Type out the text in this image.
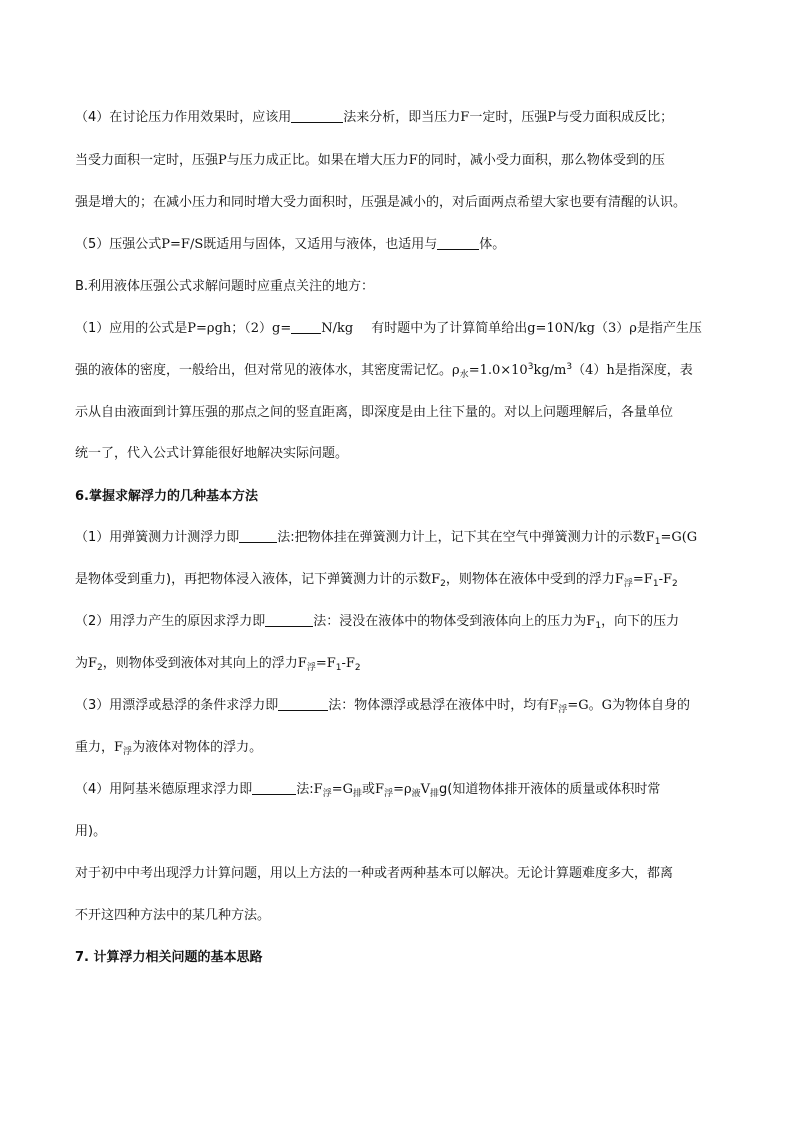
（4）在讨论压力作用效果时，应该用	法来分析，即当压力F一定时，压强P与受力面积成反比；
当受力面积一定时，压强P与压力成正比。如果在增大压力F的同时，减小受力面积，那么物体受到的压
强是增大的；在减小压力和同时增大受力面积时，压强是减小的，对后面两点希望大家也要有清醒的认识。
（5）压强公式P=F/S既适用与固体，又适用与液体，也适用与	体。
B.利用液体压强公式求解问题时应重点关注的地方：
（1）应用的公式是P=ρgh；（2）g= N/kg 有时题中为了计算简单给出g=10N/kg（3）ρ是指产生压
强的液体的密度，一般给出，但对常见的液体水，其密度需记忆。$\rho_水=1.0\times 10^3kg/m^3(4)h$是指深度，表
示从自由液面到计算压强的那点之间的竖直距离，即深度是由上往下量的。对以上问题理解后，各量单位
统一了，代入公式计算能很好地解决实际问题。
6.掌握求解浮力的几种基本方法
（1）用弹簧测力计测浮力即	法:把物体挂在弹簧测力计上，记下其在空气中弹簧测力计的示数$F_1=G(G$
是物体受到重力)，再把物体浸入液体，记下弹簧测力计的示数$F_2$，则物体在液体中受到的浮力$F_浮=F_1-F_2$
（2）用浮力产生的原因求浮力即	法：浸没在液体中的物体受到液体向上的压力为$F_1$，向下的压力
为$F_2$，则物体受到液体对其向上的浮力$F_浮=F_1-F_2$
（3）用漂浮或悬浮的条件求浮力即	法：物体漂浮或悬浮在液体中时，均有$F_浮=G$。G为物体自身的
重力，$F_浮$为液体对物体的浮力。
（4）用阿基米德原理求浮力即	法$:F_浮=G_排$或$F_浮=\rho_液V_排g$(知道物体排开液体的质量或体积时常
用)。
对于初中中考出现浮力计算问题，用以上方法的一种或者两种基本可以解决。无论计算题难度多大，都离
不开这四种方法中的某几种方法。
7. 计算浮力相关问题的基本思路
